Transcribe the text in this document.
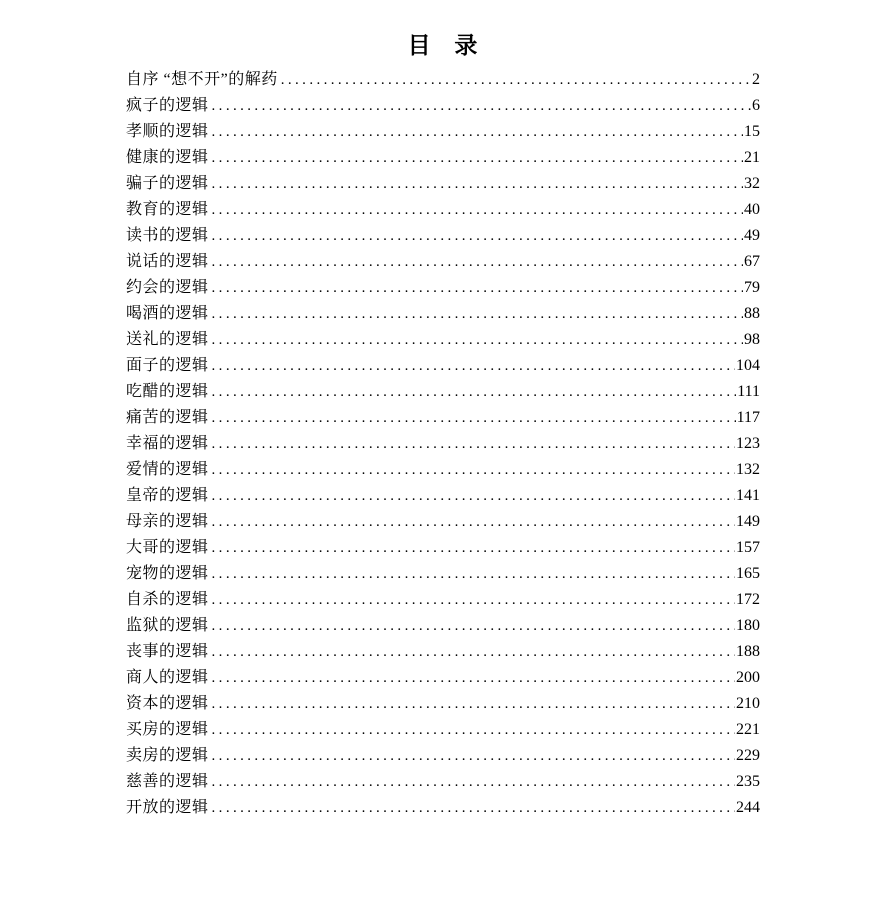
目 录
自序 “想不开”的解药 .....	2
疯子的逻辑 .....	6
孝顺的逻辑 .....	15
健康的逻辑 .....	21
骗子的逻辑 .....	32
教育的逻辑 .....	40
读书的逻辑 .....	49
说话的逻辑 .....	67
约会的逻辑 .....	79
喝酒的逻辑 .....	88
送礼的逻辑 .....	98
面子的逻辑 .....	104
吃醋的逻辑 .....	111
痛苦的逻辑 .....	117
幸福的逻辑 .....	123
爱情的逻辑 .....	132
皇帝的逻辑 .....	141
母亲的逻辑 .....	149
大哥的逻辑 .....	157
宠物的逻辑 .....	165
自杀的逻辑 .....	172
监狱的逻辑 .....	180
丧事的逻辑 .....	188
商人的逻辑 .....	200
资本的逻辑 .....	210
买房的逻辑 .....	221
卖房的逻辑 .....	229
慈善的逻辑 .....	235
开放的逻辑 .....	244
